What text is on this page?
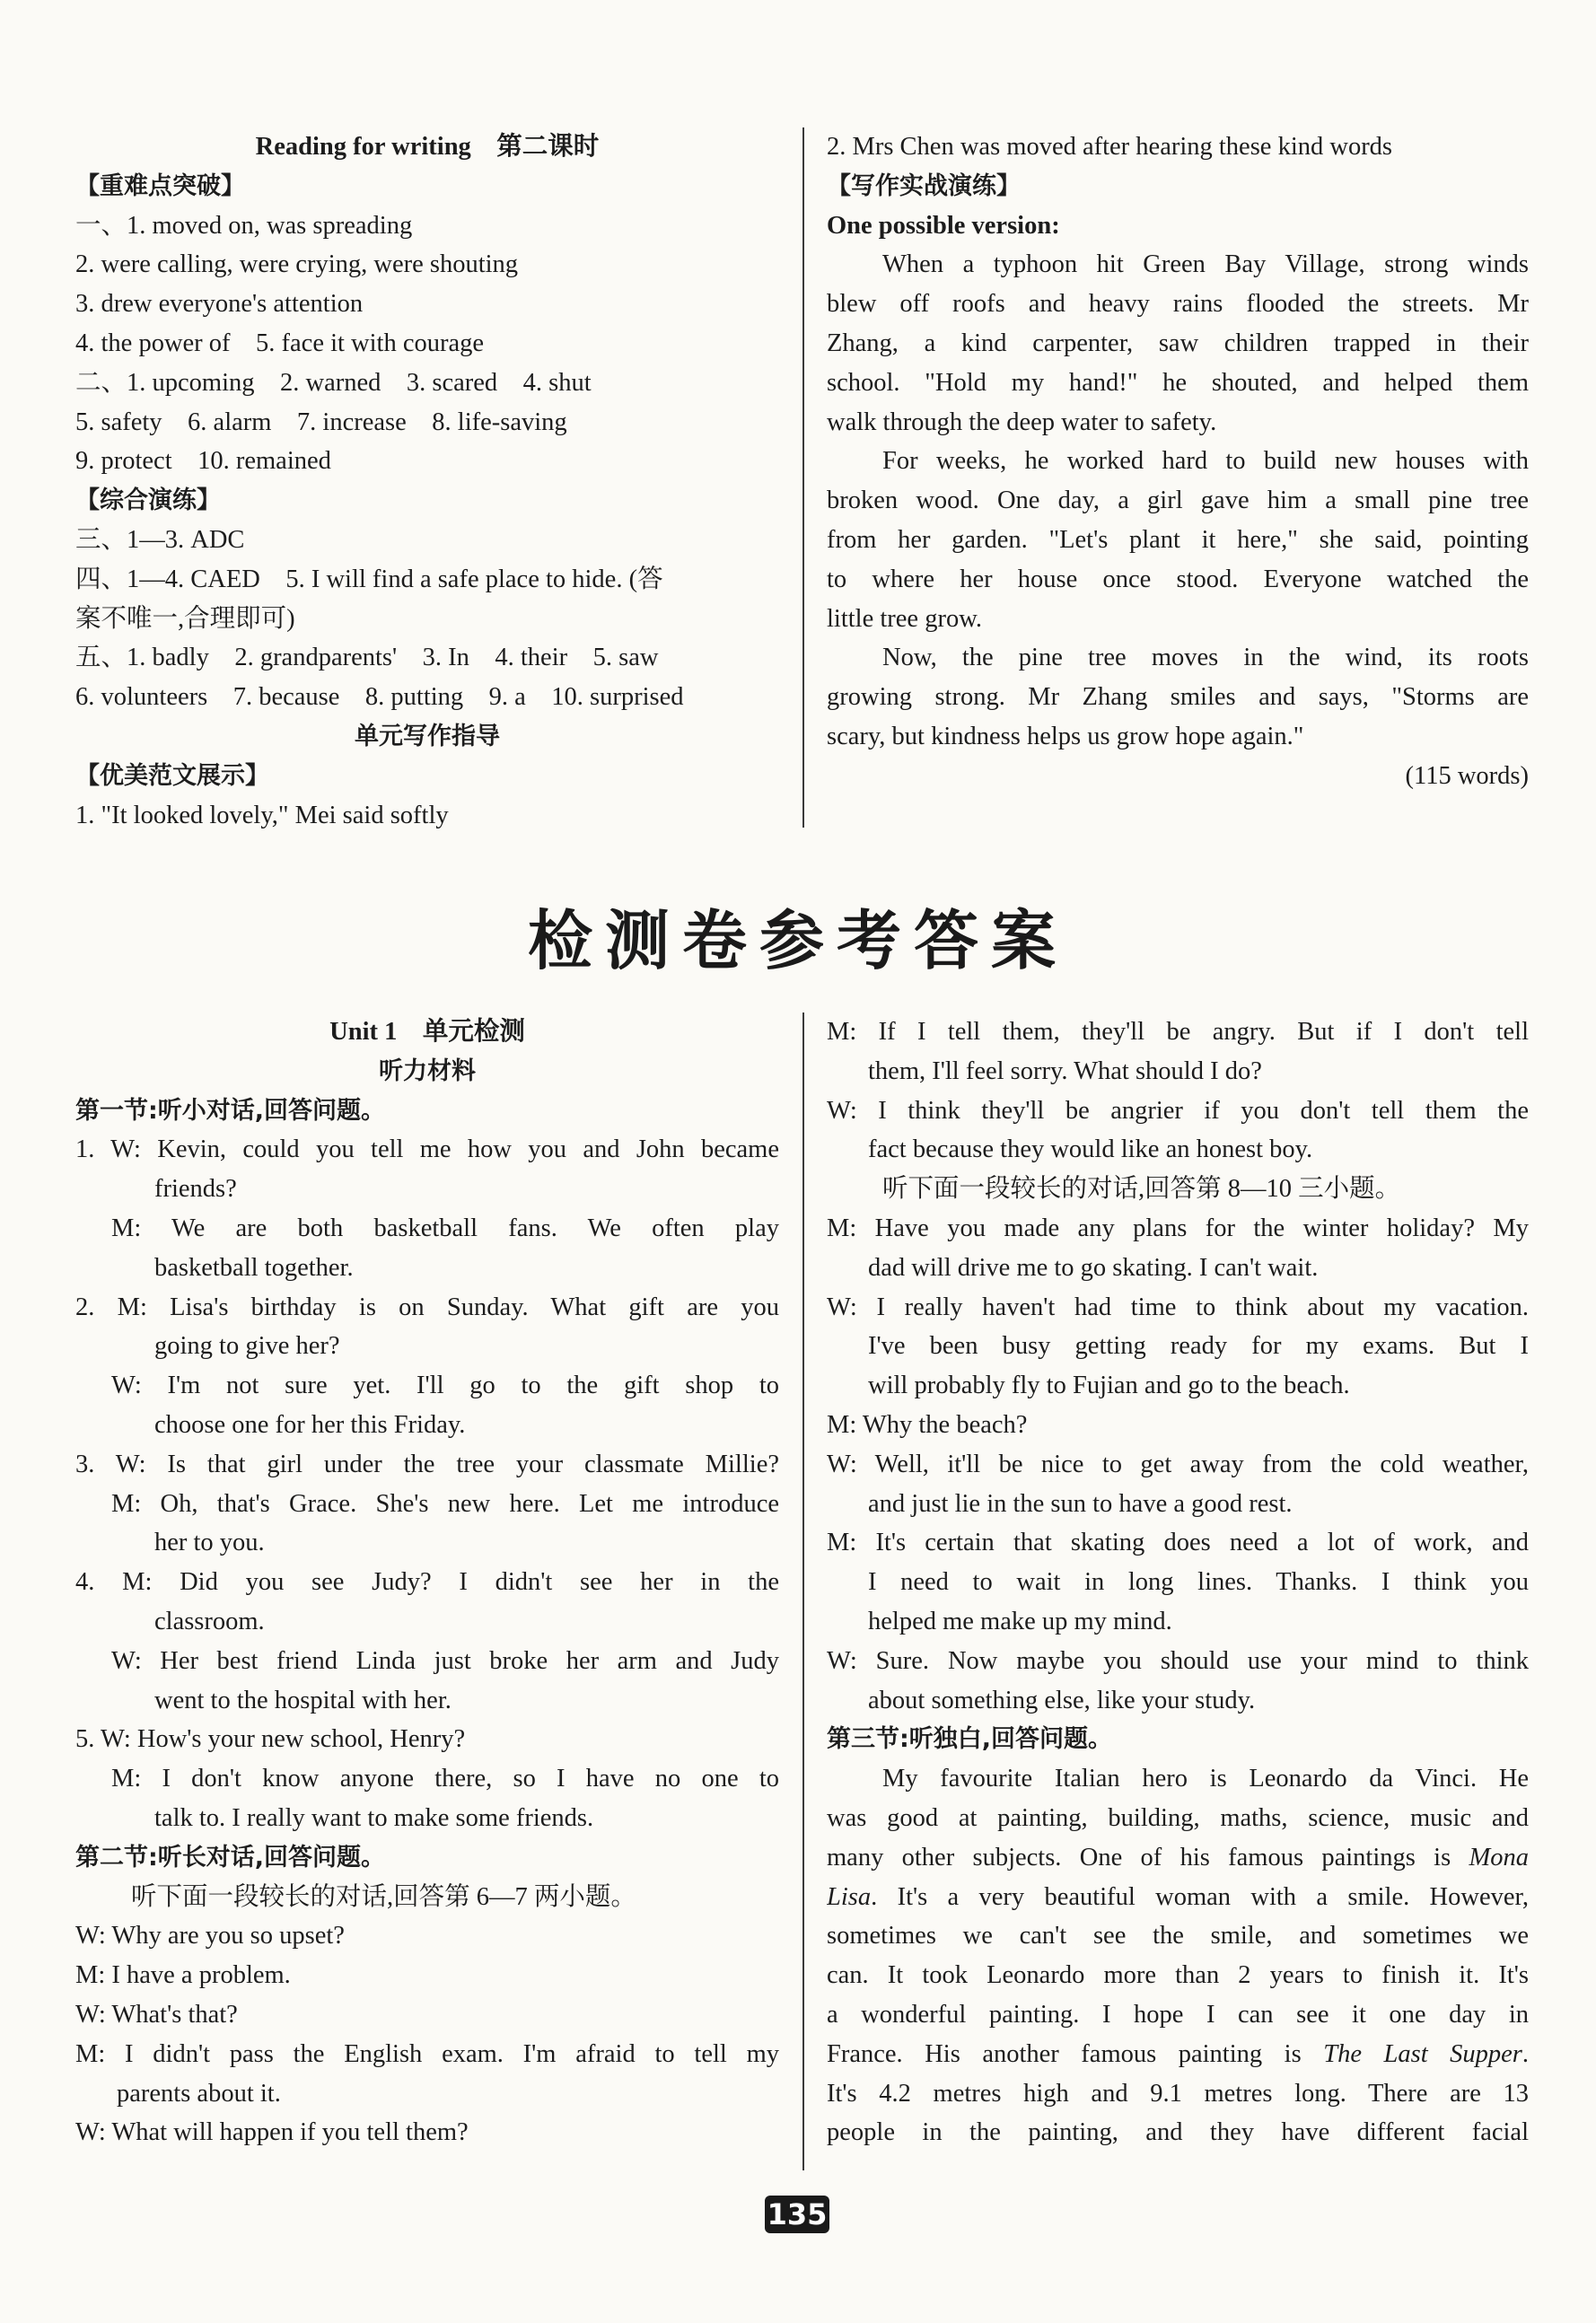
Reading for writing　第二课时
【重难点突破】
一、1. moved on, was spreading
2. were calling, were crying, were shouting
3. drew everyone's attention
4. the power of　5. face it with courage
二、1. upcoming　2. warned　3. scared　4. shut
5. safety　6. alarm　7. increase　8. life-saving
9. protect　10. remained
【综合演练】
三、1—3. ADC
四、1—4. CAED　5. I will find a safe place to hide. (答
案不唯一,合理即可)
五、1. badly　2. grandparents'　3. In　4. their　5. saw
6. volunteers　7. because　8. putting　9. a　10. surprised
单元写作指导
【优美范文展示】
1. "It looked lovely," Mei said softly
2. Mrs Chen was moved after hearing these kind words
【写作实战演练】
One possible version:
When a typhoon hit Green Bay Village, strong winds
blew off roofs and heavy rains flooded the streets. Mr
Zhang, a kind carpenter, saw children trapped in their
school. "Hold my hand!" he shouted, and helped them
walk through the deep water to safety.
For weeks, he worked hard to build new houses with
broken wood. One day, a girl gave him a small pine tree
from her garden. "Let's plant it here," she said, pointing
to where her house once stood. Everyone watched the
little tree grow.
Now, the pine tree moves in the wind, its roots
growing strong. Mr Zhang smiles and says, "Storms are
scary, but kindness helps us grow hope again."
(115 words)
检测卷参考答案
Unit 1　单元检测
听力材料
第一节:听小对话,回答问题。
1. W: Kevin, could you tell me how you and John became
friends?
M: We are both basketball fans. We often play
basketball together.
2. M: Lisa's birthday is on Sunday. What gift are you
going to give her?
W: I'm not sure yet. I'll go to the gift shop to
choose one for her this Friday.
3. W: Is that girl under the tree your classmate Millie?
M: Oh, that's Grace. She's new here. Let me introduce
her to you.
4. M: Did you see Judy? I didn't see her in the
classroom.
W: Her best friend Linda just broke her arm and Judy
went to the hospital with her.
5. W: How's your new school, Henry?
M: I don't know anyone there, so I have no one to
talk to. I really want to make some friends.
第二节:听长对话,回答问题。
听下面一段较长的对话,回答第 6—7 两小题。
W: Why are you so upset?
M: I have a problem.
W: What's that?
M: I didn't pass the English exam. I'm afraid to tell my
parents about it.
W: What will happen if you tell them?
M: If I tell them, they'll be angry. But if I don't tell
them, I'll feel sorry. What should I do?
W: I think they'll be angrier if you don't tell them the
fact because they would like an honest boy.
听下面一段较长的对话,回答第 8—10 三小题。
M: Have you made any plans for the winter holiday? My
dad will drive me to go skating. I can't wait.
W: I really haven't had time to think about my vacation.
I've been busy getting ready for my exams. But I
will probably fly to Fujian and go to the beach.
M: Why the beach?
W: Well, it'll be nice to get away from the cold weather,
and just lie in the sun to have a good rest.
M: It's certain that skating does need a lot of work, and
I need to wait in long lines. Thanks. I think you
helped me make up my mind.
W: Sure. Now maybe you should use your mind to think
about something else, like your study.
第三节:听独白,回答问题。
My favourite Italian hero is Leonardo da Vinci. He
was good at painting, building, maths, science, music and
many other subjects. One of his famous paintings is Mona
Lisa. It's a very beautiful woman with a smile. However,
sometimes we can't see the smile, and sometimes we
can. It took Leonardo more than 2 years to finish it. It's
a wonderful painting. I hope I can see it one day in
France. His another famous painting is The Last Supper.
It's 4.2 metres high and 9.1 metres long. There are 13
people in the painting, and they have different facial
135
